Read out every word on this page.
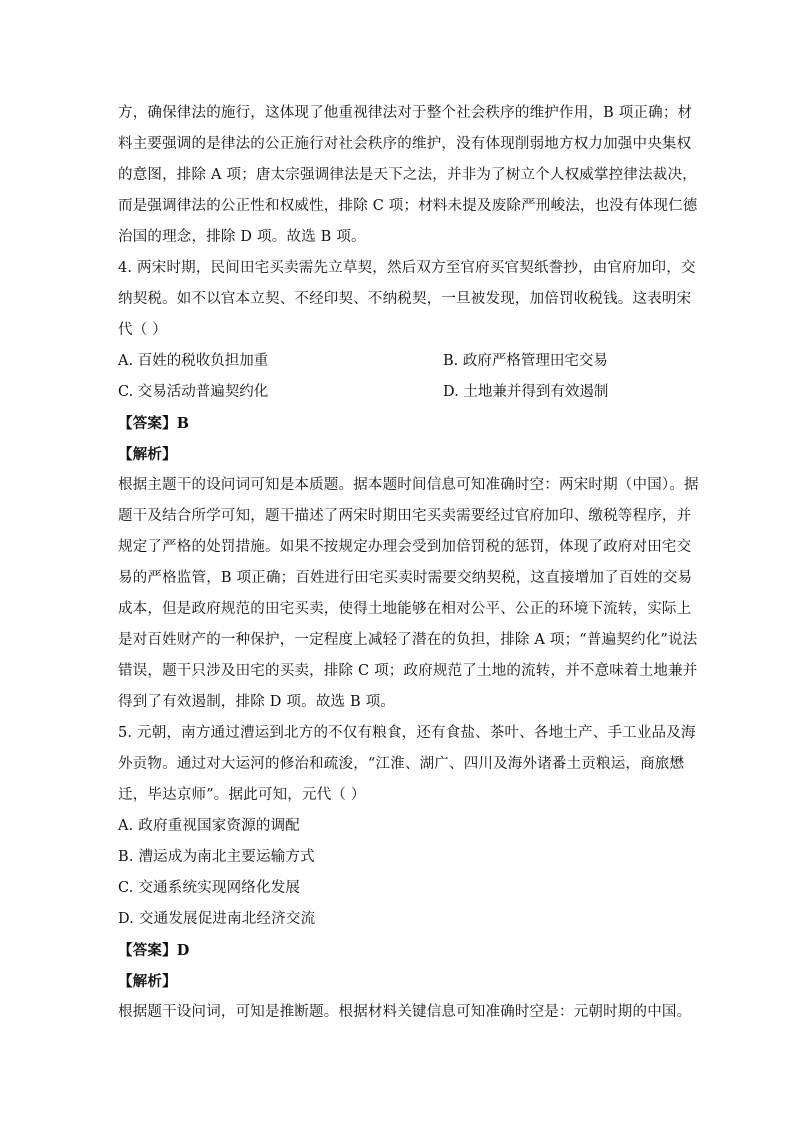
方，确保律法的施行，这体现了他重视律法对于整个社会秩序的维护作用，B 项正确；材
料主要强调的是律法的公正施行对社会秩序的维护，没有体现削弱地方权力加强中央集权
的意图，排除 A 项；唐太宗强调律法是天下之法，并非为了树立个人权威掌控律法裁决，
而是强调律法的公正性和权威性，排除 C 项；材料未提及废除严刑峻法，也没有体现仁德
治国的理念，排除 D 项。故选 B 项。
4. 两宋时期，民间田宅买卖需先立草契，然后双方至官府买官契纸誊抄，由官府加印，交
纳契税。如不以官本立契、不经印契、不纳税契，一旦被发现，加倍罚收税钱。这表明宋
代（ ）
A. 百姓的税收负担加重	B. 政府严格管理田宅交易
C. 交易活动普遍契约化	D. 土地兼并得到有效遏制
【答案】B
【解析】
根据主题干的设问词可知是本质题。据本题时间信息可知准确时空：两宋时期（中国）。据
题干及结合所学可知，题干描述了两宋时期田宅买卖需要经过官府加印、缴税等程序，并
规定了严格的处罚措施。如果不按规定办理会受到加倍罚税的惩罚，体现了政府对田宅交
易的严格监管，B 项正确；百姓进行田宅买卖时需要交纳契税，这直接增加了百姓的交易
成本，但是政府规范的田宅买卖，使得土地能够在相对公平、公正的环境下流转，实际上
是对百姓财产的一种保护，一定程度上减轻了潜在的负担，排除 A 项；“普遍契约化”说法
错误，题干只涉及田宅的买卖，排除 C 项；政府规范了土地的流转，并不意味着土地兼并
得到了有效遏制，排除 D 项。故选 B 项。
5. 元朝，南方通过漕运到北方的不仅有粮食，还有食盐、茶叶、各地土产、手工业品及海
外贡物。通过对大运河的修治和疏浚，“江淮、湖广、四川及海外诸番土贡粮运，商旅懋
迁，毕达京师”。据此可知，元代（ ）
A. 政府重视国家资源的调配
B. 漕运成为南北主要运输方式
C. 交通系统实现网络化发展
D. 交通发展促进南北经济交流
【答案】D
【解析】
根据题干设问词，可知是推断题。根据材料关键信息可知准确时空是：元朝时期的中国。
